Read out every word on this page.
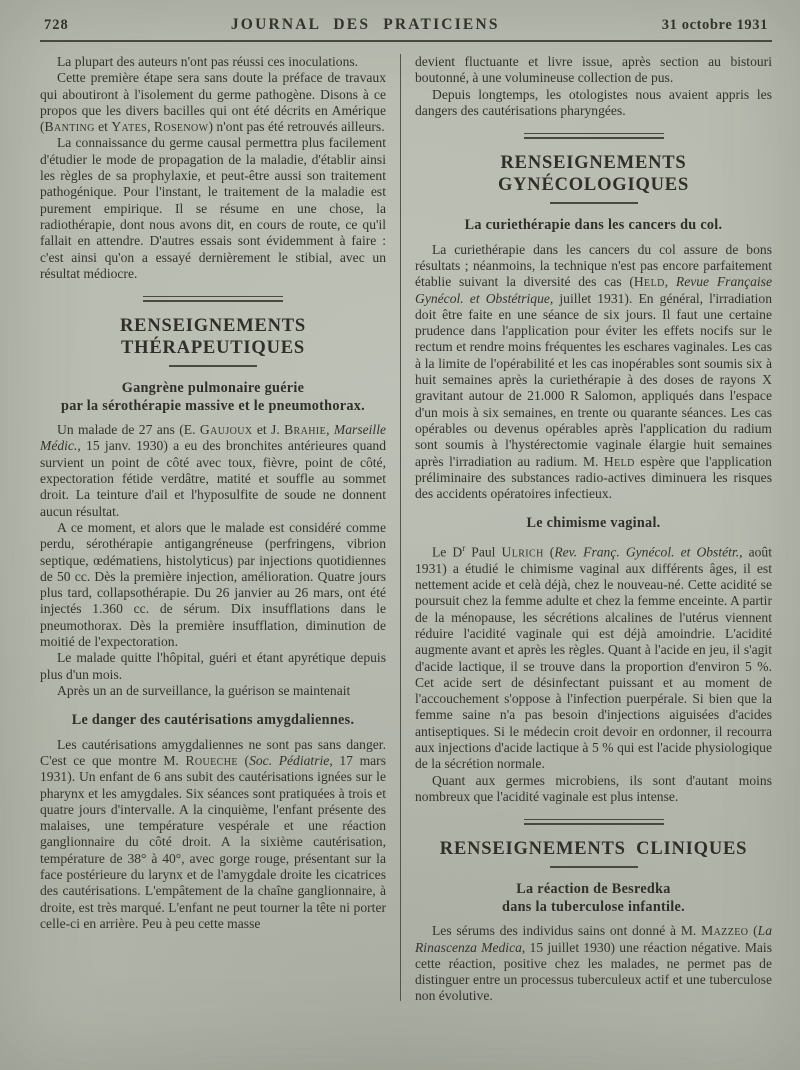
728	JOURNAL DES PRATICIENS	31 octobre 1931

La plupart des auteurs n'ont pas réussi ces inoculations.

Cette première étape sera sans doute la préface de travaux qui aboutiront à l'isolement du germe pathogène. Disons à ce propos que les divers bacilles qui ont été décrits en Amérique (Banting et Yates, Rosenow) n'ont pas été retrouvés ailleurs.

La connaissance du germe causal permettra plus facilement d'étudier le mode de propagation de la maladie, d'établir ainsi les règles de sa prophylaxie, et peut-être aussi son traitement pathogénique. Pour l'instant, le traitement de la maladie est purement empirique. Il se résume en une chose, la radiothérapie, dont nous avons dit, en cours de route, ce qu'il fallait en attendre. D'autres essais sont évidemment à faire : c'est ainsi qu'on a essayé dernièrement le stibial, avec un résultat médiocre.

RENSEIGNEMENTS THÉRAPEUTIQUES
Gangrène pulmonaire guérie
par la sérothérapie massive et le pneumothorax.

Un malade de 27 ans (E. Gaujoux et J. Brahie, Marseille Médic., 15 janv. 1930) a eu des bronchites antérieures quand survient un point de côté avec toux, fièvre, point de côté, expectoration fétide verdâtre, matité et souffle au sommet droit. La teinture d'ail et l'hyposulfite de soude ne donnent aucun résultat.

A ce moment, et alors que le malade est considéré comme perdu, sérothérapie antigangréneuse (perfringens, vibrion septique, œdématiens, histolyticus) par injections quotidiennes de 50 cc. Dès la première injection, amélioration. Quatre jours plus tard, collapsothérapie. Du 26 janvier au 26 mars, ont été injectés 1.360 cc. de sérum. Dix insufflations dans le pneumothorax. Dès la première insufflation, diminution de moitié de l'expectoration.

Le malade quitte l'hôpital, guéri et étant apyrétique depuis plus d'un mois.

Après un an de surveillance, la guérison se maintenait

Le danger des cautérisations amygdaliennes.

Les cautérisations amygdaliennes ne sont pas sans danger. C'est ce que montre M. Roueche (Soc. Pédiatrie, 17 mars 1931). Un enfant de 6 ans subit des cautérisations ignées sur le pharynx et les amygdales. Six séances sont pratiquées à trois et quatre jours d'intervalle. A la cinquième, l'enfant présente des malaises, une température vespérale et une réaction ganglionnaire du côté droit. A la sixième cautérisation, température de 38° à 40°, avec gorge rouge, présentant sur la face postérieure du larynx et de l'amygdale droite les cicatrices des cautérisations. L'empâtement de la chaîne ganglionnaire, à droite, est très marqué. L'enfant ne peut tourner la tête ni porter celle-ci en arrière. Peu à peu cette masse

devient fluctuante et livre issue, après section au bistouri boutonné, à une volumineuse collection de pus.

Depuis longtemps, les otologistes nous avaient appris les dangers des cautérisations pharyngées.

RENSEIGNEMENTS GYNÉCOLOGIQUES
La curiethérapie dans les cancers du col.

La curiethérapie dans les cancers du col assure de bons résultats ; néanmoins, la technique n'est pas encore parfaitement établie suivant la diversité des cas (Held, Revue Française Gynécol. et Obstétrique, juillet 1931). En général, l'irradiation doit être faite en une séance de six jours. Il faut une certaine prudence dans l'application pour éviter les effets nocifs sur le rectum et rendre moins fréquentes les eschares vaginales. Les cas à la limite de l'opérabilité et les cas inopérables sont soumis six à huit semaines après la curiethérapie à des doses de rayons X gravitant autour de 21.000 R Salomon, appliqués dans l'espace d'un mois à six semaines, en trente ou quarante séances. Les cas opérables ou devenus opérables après l'application du radium sont soumis à l'hystérectomie vaginale élargie huit semaines après l'irradiation au radium. M. Held espère que l'application préliminaire des substances radio-actives diminuera les risques des accidents opératoires infectieux.

Le chimisme vaginal.

Le $D^r$ Paul Ulrich (Rev. Franç. Gynécol. et Obstétr., août 1931) a étudié le chimisme vaginal aux différents âges, il est nettement acide et celà déjà, chez le nouveau-né. Cette acidité se poursuit chez la femme adulte et chez la femme enceinte. A partir de la ménopause, les sécrétions alcalines de l'utérus viennent réduire l'acidité vaginale qui est déjà amoindrie. L'acidité augmente avant et après les règles. Quant à l'acide en jeu, il s'agit d'acide lactique, il se trouve dans la proportion d'environ 5 %. Cet acide sert de désinfectant puissant et au moment de l'accouchement s'oppose à l'infection puerpérale. Si bien que la femme saine n'a pas besoin d'injections aiguisées d'acides antiseptiques. Si le médecin croit devoir en ordonner, il recourra aux injections d'acide lactique à 5 % qui est l'acide physiologique de la sécrétion normale.

Quant aux germes microbiens, ils sont d'autant moins nombreux que l'acidité vaginale est plus intense.

RENSEIGNEMENTS CLINIQUES
La réaction de Besredka
dans la tuberculose infantile.

Les sérums des individus sains ont donné à M. Mazzeo (La Rinascenza Medica, 15 juillet 1930) une réaction négative. Mais cette réaction, positive chez les malades, ne permet pas de distinguer entre un processus tuberculeux actif et une tuberculose non évolutive.
